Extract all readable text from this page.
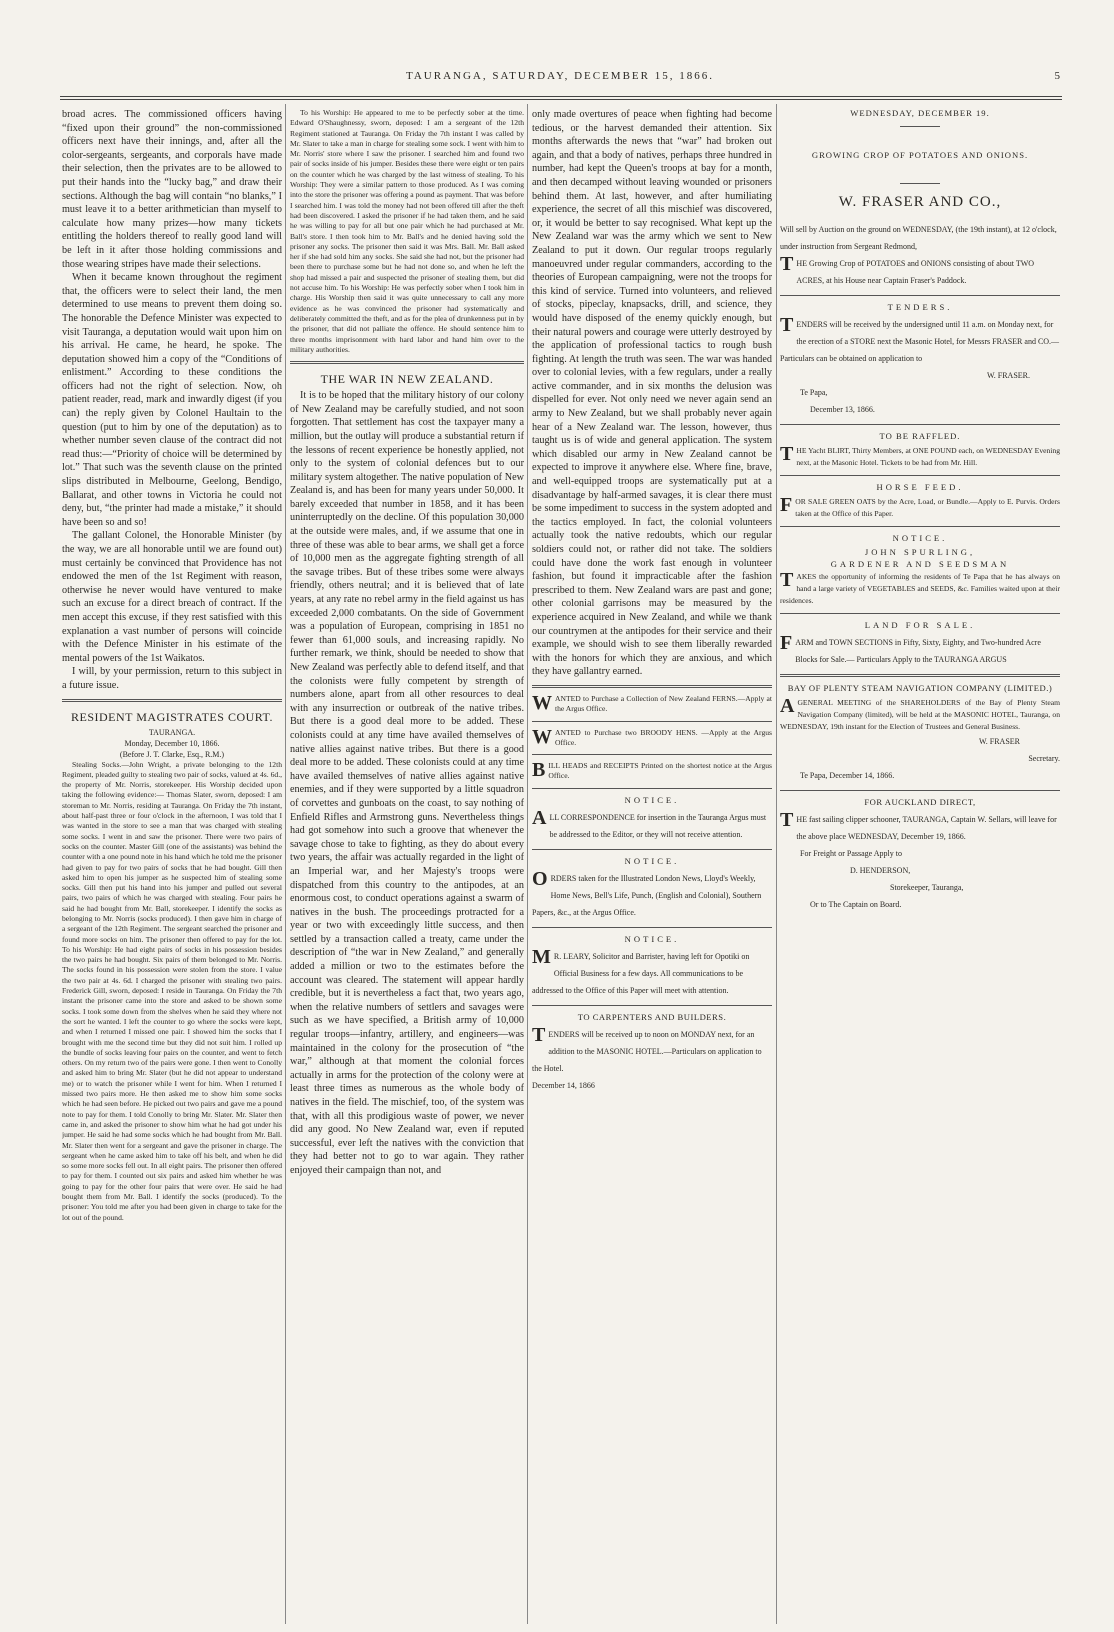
TAURANGA, SATURDAY, DECEMBER 15, 1866.	5

broad acres. The commissioned officers having “fixed upon their ground” the non-commissioned officers next have their innings, and, after all the color-sergeants, sergeants, and corporals have made their selection, then the privates are to be allowed to put their hands into the “lucky bag,” and draw their sections. Although the bag will contain “no blanks,” I must leave it to a better arithmetician than myself to calculate how many prizes—how many tickets entitling the holders thereof to really good land will be left in it after those holding commissions and those wearing stripes have made their selections.

When it became known throughout the regiment that, the officers were to select their land, the men determined to use means to prevent them doing so. The honorable the Defence Minister was expected to visit Tauranga, a deputation would wait upon him on his arrival. He came, he heard, he spoke. The deputation showed him a copy of the “Conditions of enlistment.” According to these conditions the officers had not the right of selection. Now, oh patient reader, read, mark and inwardly digest (if you can) the reply given by Colonel Haultain to the question (put to him by one of the deputation) as to whether number seven clause of the contract did not read thus:—“Priority of choice will be determined by lot.” That such was the seventh clause on the printed slips distributed in Melbourne, Geelong, Bendigo, Ballarat, and other towns in Victoria he could not deny, but, “the printer had made a mistake,” it should have been so and so!

The gallant Colonel, the Honorable Minister (by the way, we are all honorable until we are found out) must certainly be convinced that Providence has not endowed the men of the 1st Regiment with reason, otherwise he never would have ventured to make such an excuse for a direct breach of contract. If the men accept this excuse, if they rest satisfied with this explanation a vast number of persons will coincide with the Defence Minister in his estimate of the mental powers of the 1st Waikatos.

I will, by your permission, return to this subject in a future issue.

RESIDENT MAGISTRATES COURT.

TAURANGA.

Monday, December 10, 1866.

(Before J. T. Clarke, Esq., R.M.)

Stealing Socks.—John Wright, a private belonging to the 12th Regiment, pleaded guilty to stealing two pair of socks, valued at 4s. 6d., the property of Mr. Norris, storekeeper. His Worship decided upon taking the following evidence:— Thomas Slater, sworn, deposed: I am storeman to Mr. Norris, residing at Tauranga. On Friday the 7th instant, about half-past three or four o'clock in the afternoon, I was told that I was wanted in the store to see a man that was charged with stealing some socks. I went in and saw the prisoner. There were two pairs of socks on the counter. Master Gill (one of the assistants) was behind the counter with a one pound note in his hand which he told me the prisoner had given to pay for two pairs of socks that he had bought. Gill then asked him to open his jumper as he suspected him of stealing some socks. Gill then put his hand into his jumper and pulled out several pairs, two pairs of which he was charged with stealing. Four pairs he said he had bought from Mr. Ball, storekeeper. I identify the socks as belonging to Mr. Norris (socks produced). I then gave him in charge of a sergeant of the 12th Regiment. The sergeant searched the prisoner and found more socks on him. The prisoner then offered to pay for the lot. To his Worship: He had eight pairs of socks in his possession besides the two pairs he had bought. Six pairs of them belonged to Mr. Norris. The socks found in his possession were stolen from the store. I value the two pair at 4s. 6d. I charged the prisoner with stealing two pairs. Frederick Gill, sworn, deposed: I reside in Tauranga. On Friday the 7th instant the prisoner came into the store and asked to be shown some socks. I took some down from the shelves when he said they where not the sort he wanted. I left the counter to go where the socks were kept, and when I returned I missed one pair. I showed him the socks that I brought with me the second time but they did not suit him. I rolled up the bundle of socks leaving four pairs on the counter, and went to fetch others. On my return two of the pairs were gone. I then went to Conolly and asked him to bring Mr. Slater (but he did not appear to understand me) or to watch the prisoner while I went for him. When I returned I missed two pairs more. He then asked me to show him some socks which he had seen before. He picked out two pairs and gave me a pound note to pay for them. I told Conolly to bring Mr. Slater. Mr. Slater then came in, and asked the prisoner to show him what he had got under his jumper. He said he had some socks which he had bought from Mr. Ball. Mr. Slater then went for a sergeant and gave the prisoner in charge. The sergeant when he came asked him to take off his belt, and when he did so some more socks fell out. In all eight pairs. The prisoner then offered to pay for them. I counted out six pairs and asked him whether he was going to pay for the other four pairs that were over. He said he had bought them from Mr. Ball. I identify the socks (produced). To the prisoner: You told me after you had been given in charge to take for the lot out of the pound.

To his Worship: He appeared to me to be perfectly sober at the time. Edward O'Shaughnessy, sworn, deposed: I am a sergeant of the 12th Regiment stationed at Tauranga. On Friday the 7th instant I was called by Mr. Slater to take a man in charge for stealing some sock. I went with him to Mr. Norris' store where I saw the prisoner. I searched him and found two pair of socks inside of his jumper. Besides these there were eight or ten pairs on the counter which he was charged by the last witness of stealing. To his Worship: They were a similar pattern to those produced. As I was coming into the store the prisoner was offering a pound as payment. That was before I searched him. I was told the money had not been offered till after the theft had been discovered. I asked the prisoner if he had taken them, and he said he was willing to pay for all but one pair which he had purchased at Mr. Ball's store. I then took him to Mr. Ball's and he denied having sold the prisoner any socks. The prisoner then said it was Mrs. Ball. Mr. Ball asked her if she had sold him any socks. She said she had not, but the prisoner had been there to purchase some but he had not done so, and when he left the shop had missed a pair and suspected the prisoner of stealing them, but did not accuse him. To his Worship: He was perfectly sober when I took him in charge. His Worship then said it was quite unnecessary to call any more evidence as he was convinced the prisoner had systematically and deliberately committed the theft, and as for the plea of drunkenness put in by the prisoner, that did not palliate the offence. He should sentence him to three months imprisonment with hard labor and hand him over to the military authorities.

THE WAR IN NEW ZEALAND.

It is to be hoped that the military history of our colony of New Zealand may be carefully studied, and not soon forgotten. That settlement has cost the taxpayer many a million, but the outlay will produce a substantial return if the lessons of recent experience be honestly applied, not only to the system of colonial defences but to our military system altogether. The native population of New Zealand is, and has been for many years under 50,000. It barely exceeded that number in 1858, and it has been uninterruptedly on the decline. Of this population 30,000 at the outside were males, and, if we assume that one in three of these was able to bear arms, we shall get a force of 10,000 men as the aggregate fighting strength of all the savage tribes. But of these tribes some were always friendly, others neutral; and it is believed that of late years, at any rate no rebel army in the field against us has exceeded 2,000 combatants. On the side of Government was a population of European, comprising in 1851 no fewer than 61,000 souls, and increasing rapidly. No further remark, we think, should be needed to show that New Zealand was perfectly able to defend itself, and that the colonists were fully competent by strength of numbers alone, apart from all other resources to deal with any insurrection or outbreak of the native tribes. But there is a good deal more to be added. These colonists could at any time have availed themselves of native allies against native tribes. But there is a good deal more to be added. These colonists could at any time have availed themselves of native allies against native enemies, and if they were supported by a little squadron of corvettes and gunboats on the coast, to say nothing of Enfield Rifles and Armstrong guns. Nevertheless things had got somehow into such a groove that whenever the savage chose to take to fighting, as they do about every two years, the affair was actually regarded in the light of an Imperial war, and her Majesty's troops were dispatched from this country to the antipodes, at an enormous cost, to conduct operations against a swarm of natives in the bush. The proceedings protracted for a year or two with exceedingly little success, and then settled by a transaction called a treaty, came under the description of “the war in New Zealand,” and generally added a million or two to the estimates before the account was cleared. The statement will appear hardly credible, but it is nevertheless a fact that, two years ago, when the relative numbers of settlers and savages were such as we have specified, a British army of 10,000 regular troops—infantry, artillery, and engineers—was maintained in the colony for the prosecution of “the war,” although at that moment the colonial forces actually in arms for the protection of the colony were at least three times as numerous as the whole body of natives in the field. The mischief, too, of the system was that, with all this prodigious waste of power, we never did any good. No New Zealand war, even if reputed successful, ever left the natives with the conviction that they had better not to go to war again. They rather enjoyed their campaign than not, and

only made overtures of peace when fighting had become tedious, or the harvest demanded their attention. Six months afterwards the news that “war” had broken out again, and that a body of natives, perhaps three hundred in number, had kept the Queen's troops at bay for a month, and then decamped without leaving wounded or prisoners behind them. At last, however, and after humiliating experience, the secret of all this mischief was discovered, or, it would be better to say recognised. What kept up the New Zealand war was the army which we sent to New Zealand to put it down. Our regular troops regularly manoeuvred under regular commanders, according to the theories of European campaigning, were not the troops for this kind of service. Turned into volunteers, and relieved of stocks, pipeclay, knapsacks, drill, and science, they would have disposed of the enemy quickly enough, but their natural powers and courage were utterly destroyed by the application of professional tactics to rough bush fighting. At length the truth was seen. The war was handed over to colonial levies, with a few regulars, under a really active commander, and in six months the delusion was dispelled for ever. Not only need we never again send an army to New Zealand, but we shall probably never again hear of a New Zealand war. The lesson, however, thus taught us is of wide and general application. The system which disabled our army in New Zealand cannot be expected to improve it anywhere else. Where fine, brave, and well-equipped troops are systematically put at a disadvantage by half-armed savages, it is clear there must be some impediment to success in the system adopted and the tactics employed. In fact, the colonial volunteers actually took the native redoubts, which our regular soldiers could not, or rather did not take. The soldiers could have done the work fast enough in volunteer fashion, but found it impracticable after the fashion prescribed to them. New Zealand wars are past and gone; other colonial garrisons may be measured by the experience acquired in New Zealand, and while we thank our countrymen at the antipodes for their service and their example, we should wish to see them liberally rewarded with the honors for which they are anxious, and which they have gallantry earned.

WANTED to Purchase a Collection of New Zealand FERNS.—Apply at the Argus Office.

WANTED to Purchase two BROODY HENS. —Apply at the Argus Office.

BILL HEADS and RECEIPTS Printed on the shortest notice at the Argus Office.

NOTICE.

ALL CORRESPONDENCE for insertion in the Tauranga Argus must be addressed to the Editor, or they will not receive attention.

NOTICE.

ORDERS taken for the Illustrated London News, Lloyd's Weekly, Home News, Bell's Life, Punch, (English and Colonial), Southern Papers, &c., at the Argus Office.

NOTICE.

M R. LEARY, Solicitor and Barrister, having left for Opotiki on Official Business for a few days. All communications to be addressed to the Office of this Paper will meet with attention.

TO CARPENTERS AND BUILDERS.

TENDERS will be received up to noon on MONDAY next, for an addition to the MASONIC HOTEL.—Particulars on application to the Hotel.

December 14, 1866

WEDNESDAY, DECEMBER 19.
GROWING CROP OF POTATOES AND ONIONS.
W. FRASER AND CO.,

Will sell by Auction on the ground on WEDNESDAY, (the 19th instant), at 12 o'clock, under instruction from Sergeant Redmond,

THE Growing Crop of POTATOES and ONIONS consisting of about TWO ACRES, at his House near Captain Fraser's Paddock.

TENDERS.

TENDERS will be received by the undersigned until 11 a.m. on Monday next, for the erection of a STORE next the Masonic Hotel, for Messrs FRASER and CO.—Particulars can be obtained on application to

W. FRASER.

Te Papa,

December 13, 1866.

TO BE RAFFLED.

THE Yacht BLIRT, Thirty Members, at ONE POUND each, on WEDNESDAY Evening next, at the Masonic Hotel. Tickets to be had from Mr. Hill.

HORSE FEED.

FOR SALE GREEN OATS by the Acre, Load, or Bundle.—Apply to E. Purvis. Orders taken at the Office of this Paper.

NOTICE.
JOHN SPURLING,
GARDENER AND SEEDSMAN

TAKES the opportunity of informing the residents of Te Papa that he has always on hand a large variety of VEGETABLES and SEEDS, &c. Families waited upon at their residences.

LAND FOR SALE.

FARM and TOWN SECTIONS in Fifty, Sixty, Eighty, and Two-hundred Acre Blocks for Sale.— Particulars Apply to the TAURANGA ARGUS

BAY OF PLENTY STEAM NAVIGATION COMPANY (LIMITED.)

AGENERAL MEETING of the SHAREHOLDERS of the Bay of Plenty Steam Navigation Company (limited), will be held at the MASONIC HOTEL, Tauranga, on WEDNESDAY, 19th instant for the Election of Trustees and General Business.

W. FRASER

Secretary.

Te Papa, December 14, 1866.

FOR AUCKLAND DIRECT,

THE fast sailing clipper schooner, TAURANGA, Captain W. Sellars, will leave for the above place WEDNESDAY, December 19, 1866.

For Freight or Passage Apply to

D. HENDERSON,

Storekeeper, Tauranga,

Or to The Captain on Board.
